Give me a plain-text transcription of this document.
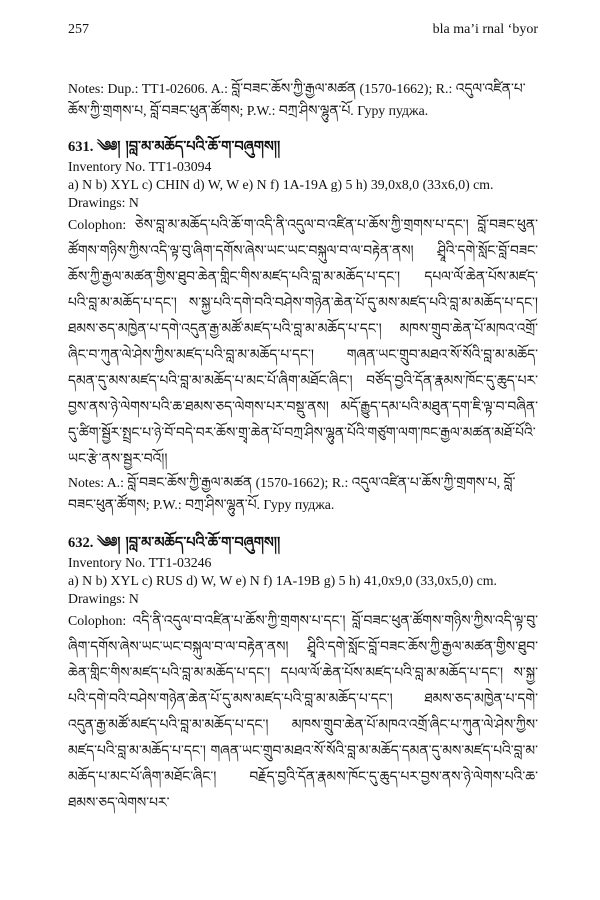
257	bla ma’i rnal ‘byor

Notes: Dup.: TT1-02606. A.: བློ་བཟང་ཆོས་ཀྱི་རྒྱལ་མཚན (1570-1662); R.: འདུལ་འཛིན་པ་ཆོས་ཀྱི་གྲགས་པ, བློ་བཟང་ཕུན་ཚོགས; P.W.: བཀྲ་ཤིས་ལྷུན་པོ. Гуру пуджа.

631. ༄༅། །བླ་མ་མཆོད་པའི་ཆོ་ག་བཞུགས།།

Inventory No. TT1-03094

a) N b) XYL c) CHIN d) W, W e) N f) 1A-19A g) 5 h) 39,0x8,0 (33x6,0) cm.

Drawings: N

Colophon: ཅེས་བླ་མ་མཆོད་པའི་ཆོ་ག་འདི་ནི་འདུལ་བ་འཛིན་པ་ཆོས་ཀྱི་གྲགས་པ་དང་། བློ་བཟང་ཕུན་ཚོགས་གཉིས་ཀྱིས་འདི་ལྟ་བུ་ཞིག་དགོས་ཞེས་ཡང་ཡང་བསྐུལ་བ་ལ་བརྟེན་ནས། ཤྲཱིའི་དགེ་སློང་བློ་བཟང་ཆོས་ཀྱི་རྒྱལ་མཚན་གྱིས་ཐུབ་ཆེན་གླིང་གིས་མཛད་པའི་བླ་མ་མཆོད་པ་དང་། དཔལ་ལོ་ཆེན་པོས་མཛད་པའི་བླ་མ་མཆོད་པ་དང་། ས་སྐྱ་པའི་དགེ་བའི་བཤེས་གཉེན་ཆེན་པོ་དུ་མས་མཛད་པའི་བླ་མ་མཆོད་པ་དང་། ཐམས་ཅད་མཁྱེན་པ་དགེ་འདུན་རྒྱ་མཚོ་མཛད་པའི་བླ་མ་མཆོད་པ་དང་། མཁས་གྲུབ་ཆེན་པོ་མཁའ་འགྲོ་ཞིང་བ་ཀུན་ལེ་ཤེས་ཀྱིས་མཛད་པའི་བླ་མ་མཆོད་པ་དང་། གཞན་ཡང་གྲུབ་མཐའ་སོ་སོའི་བླ་མ་མཆོད་དམན་དུ་མས་མཛད་པའི་བླ་མ་མཆོད་པ་མང་པོ་ཞིག་མཐོང་ཞིང་། བཙོད་བྱའི་དོན་རྣམས་ཁོང་དུ་ཆུད་པར་བྱས་ནས་ཉེ་ལེགས་པའི་ཆ་ཐམས་ཅད་ལེགས་པར་བསྡུ་ནས། མདོ་རྒྱུད་དམ་པའི་མཐུན་དག་ཇི་ལྟ་བ་བཞིན་དུ་ཚིག་སྦྱོར་སྤྲང་པ་ཉེ་བོ་བདེ་བར་ཆོས་གྲྭ་ཆེན་པོ་བཀྲ་ཤིས་ལྷུན་པོའི་གཙུག་ལག་ཁང་རྒྱལ་མཚན་མཐོ་པོའི་ཡང་རྩེ་ནས་སྦྱར་བའོ།།

Notes: A.: བློ་བཟང་ཆོས་ཀྱི་རྒྱལ་མཚན (1570-1662); R.: འདུལ་འཛིན་པ་ཆོས་ཀྱི་གྲགས་པ, བློ་བཟང་ཕུན་ཚོགས; P.W.: བཀྲ་ཤིས་ལྷུན་པོ. Гуру пуджа.

632. ༄༅། །བླ་མ་མཆོད་པའི་ཆོ་ག་བཞུགས།།

Inventory No. TT1-03246

a) N b) XYL c) RUS d) W, W e) N f) 1A-19B g) 5 h) 41,0x9,0 (33,0x5,0) cm.

Drawings: N

Colophon: འདི་ནི་འདུལ་བ་འཛིན་པ་ཆོས་ཀྱི་གྲགས་པ་དང་། བློ་བཟང་ཕུན་ཚོགས་གཉིས་ཀྱིས་འདི་ལྟ་བུ་ཞིག་དགོས་ཞེས་ཡང་ཡང་བསྐུལ་བ་ལ་བརྟེན་ནས། ཤྲཱིའི་དགེ་སློང་བློ་བཟང་ཆོས་ཀྱི་རྒྱལ་མཚན་གྱིས་ཐུབ་ཆེན་གླིང་གིས་མཛད་པའི་བླ་མ་མཆོད་པ་དང་། དཔལ་ལོ་ཆེན་པོས་མཛད་པའི་བླ་མ་མཆོད་པ་དང་། ས་སྐྱ་པའི་དགེ་བའི་བཤེས་གཉེན་ཆེན་པོ་དུ་མས་མཛད་པའི་བླ་མ་མཆོད་པ་དང་། ཐམས་ཅད་མཁྱེན་པ་དགེ་འདུན་རྒྱ་མཚོ་མཛད་པའི་བླ་མ་མཆོད་པ་དང་། མཁས་གྲུབ་ཆེན་པོ་མཁའ་འགྲོ་ཞིང་པ་ཀུན་ལེ་ཤེས་ཀྱིས་མཛད་པའི་བླ་མ་མཆོད་པ་དང་། གཞན་ཡང་གྲུབ་མཐའ་སོ་སོའི་བླ་མ་མཆོད་དམན་དུ་མས་མཛད་པའི་བླ་མ་མཆོད་པ་མང་པོ་ཞིག་མཐོང་ཞིང་། བརྗོད་བྱའི་དོན་རྣམས་ཁོང་དུ་ཆུད་པར་བྱས་ནས་ཉེ་ལེགས་པའི་ཆ་ཐམས་ཅད་ལེགས་པར་
